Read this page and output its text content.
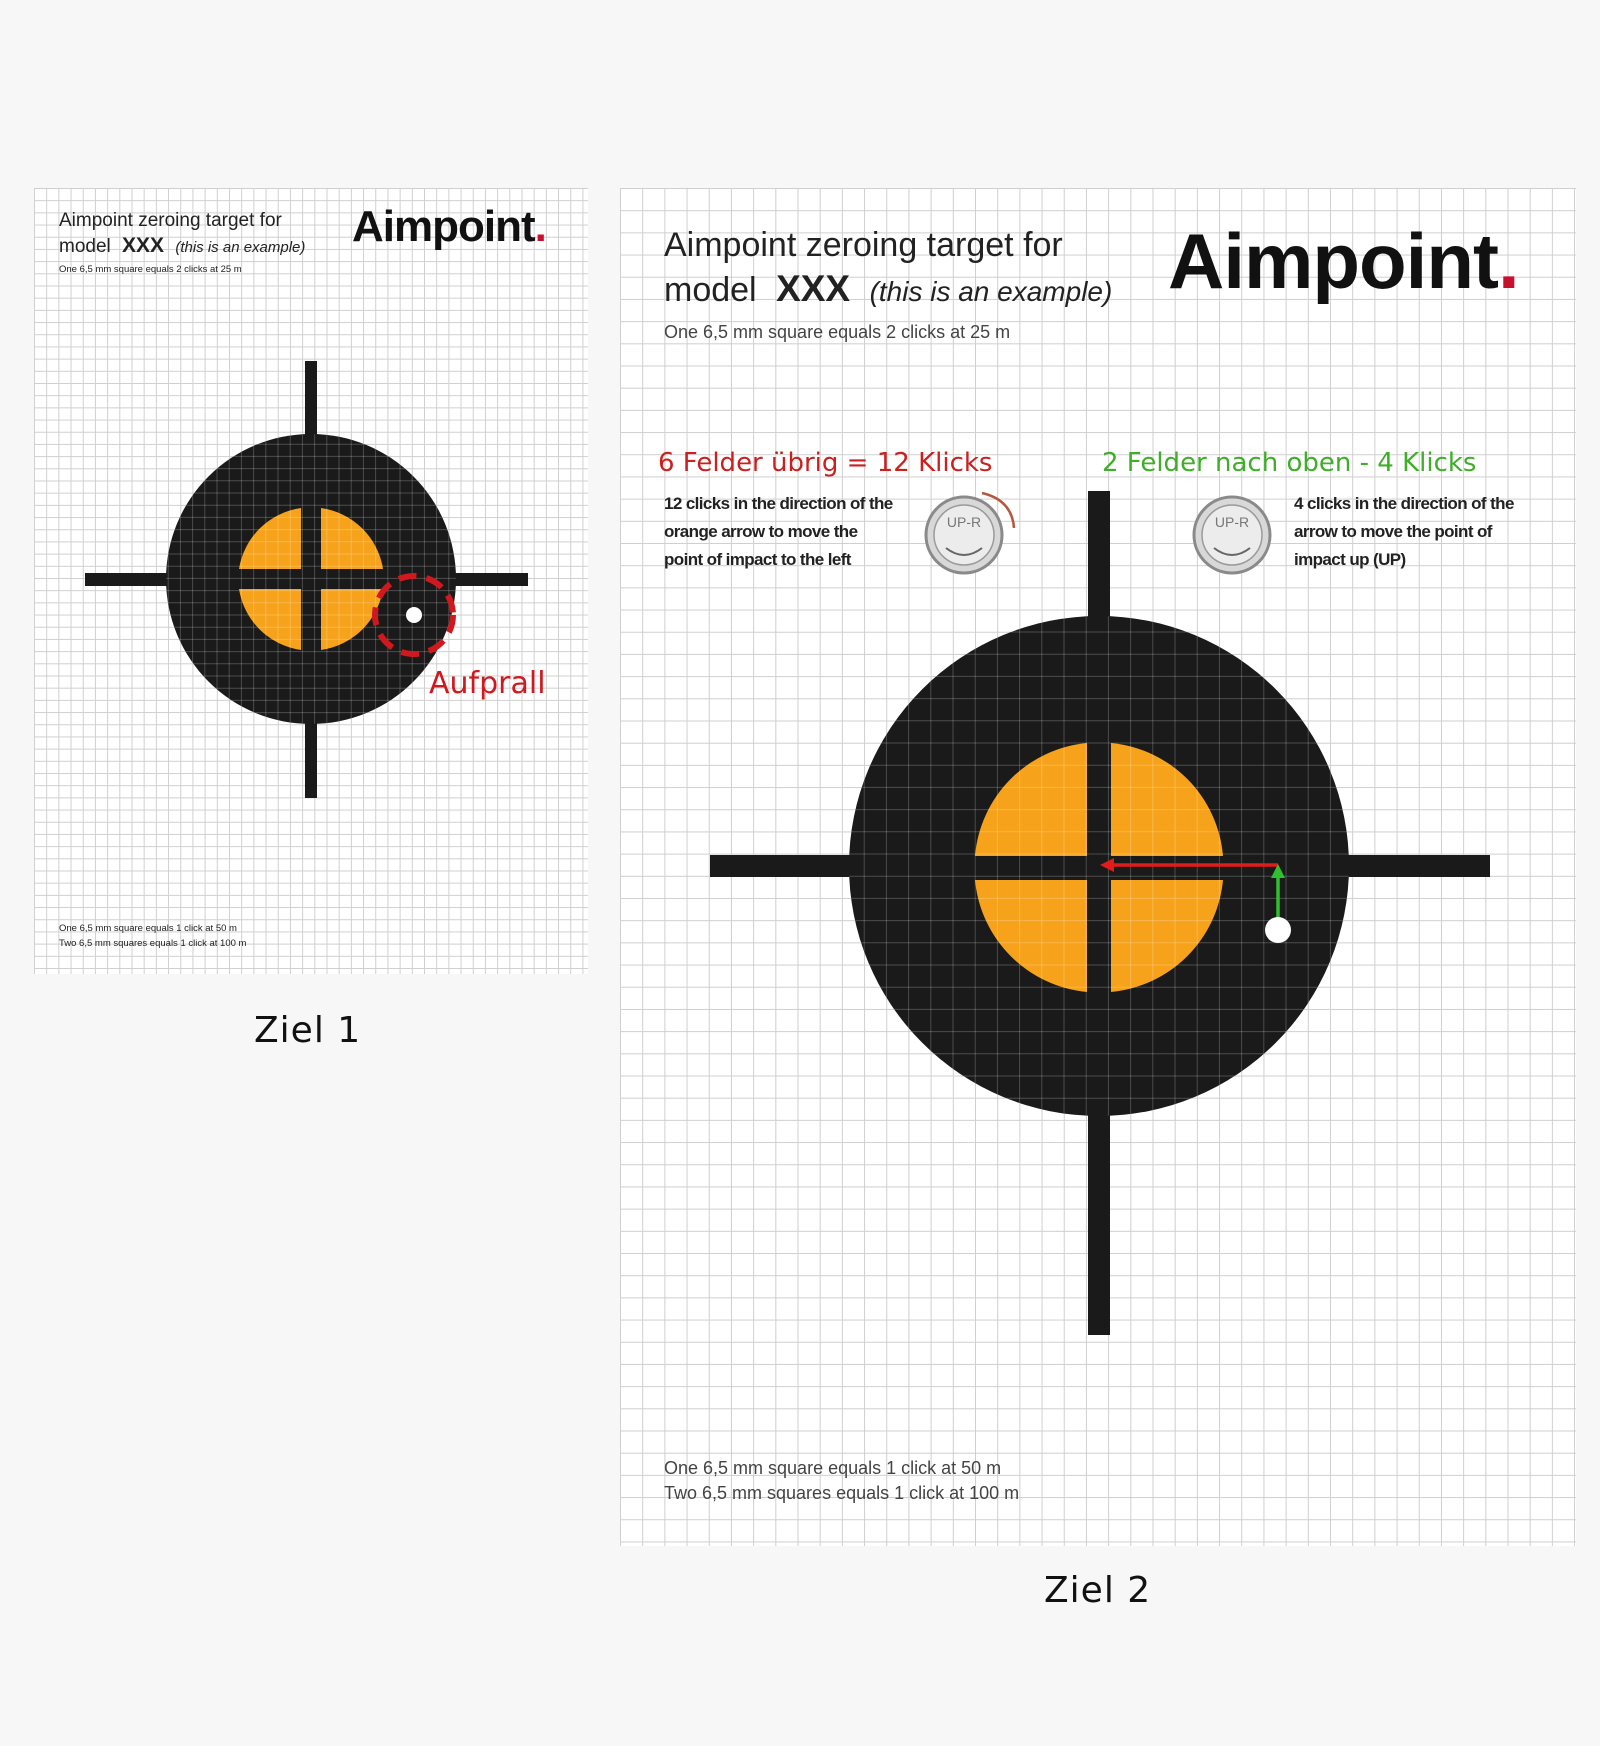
Aimpoint zeroing target for
model XXX (this is an example)
One 6,5 mm square equals 2 clicks at 25 m
Aimpoint.
Aufprall
One 6,5 mm square equals 1 click at 50 m
Two 6,5 mm squares equals 1 click at 100 m
Ziel 1
Aimpoint zeroing target for
model XXX (this is an example)
One 6,5 mm square equals 2 clicks at 25 m
Aimpoint.
6 Felder übrig = 12 Klicks	2 Felder nach oben - 4 Klicks
12 clicks in the direction of the
orange arrow to move the
point of impact to the left
4 clicks in the direction of the
arrow to move the point of
impact up (UP)
UP-R	UP-R
One 6,5 mm square equals 1 click at 50 m
Two 6,5 mm squares equals 1 click at 100 m
Ziel 2
